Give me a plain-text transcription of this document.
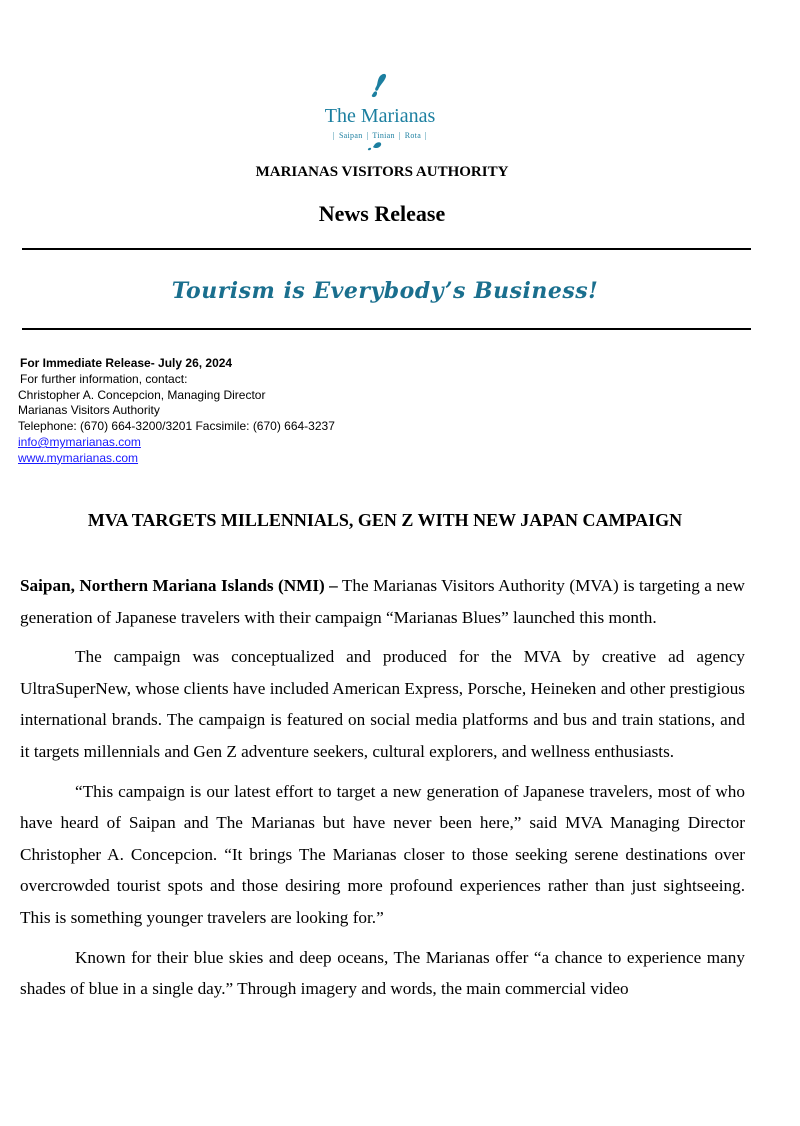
The Marianas
| Saipan | Tinian | Rota |
MARIANAS VISITORS AUTHORITY
News Release
Tourism is Everybody’s Business!
For Immediate Release- July 26, 2024
For further information, contact:
Christopher A. Concepcion, Managing Director
Marianas Visitors Authority
Telephone: (670) 664-3200/3201 Facsimile: (670) 664-3237
info@mymarianas.com
www.mymarianas.com
MVA TARGETS MILLENNIALS, GEN Z WITH NEW JAPAN CAMPAIGN

Saipan, Northern Mariana Islands (NMI) – The Marianas Visitors Authority (MVA) is targeting a new generation of Japanese travelers with their campaign “Marianas Blues” launched this month.

The campaign was conceptualized and produced for the MVA by creative ad agency UltraSuperNew, whose clients have included American Express, Porsche, Heineken and other prestigious international brands. The campaign is featured on social media platforms and bus and train stations, and it targets millennials and Gen Z adventure seekers, cultural explorers, and wellness enthusiasts.

“This campaign is our latest effort to target a new generation of Japanese travelers, most of who have heard of Saipan and The Marianas but have never been here,” said MVA Managing Director Christopher A. Concepcion. “It brings The Marianas closer to those seeking serene destinations over overcrowded tourist spots and those desiring more profound experiences rather than just sightseeing. This is something younger travelers are looking for.”

Known for their blue skies and deep oceans, The Marianas offer “a chance to experience many shades of blue in a single day.” Through imagery and words, the main commercial video
